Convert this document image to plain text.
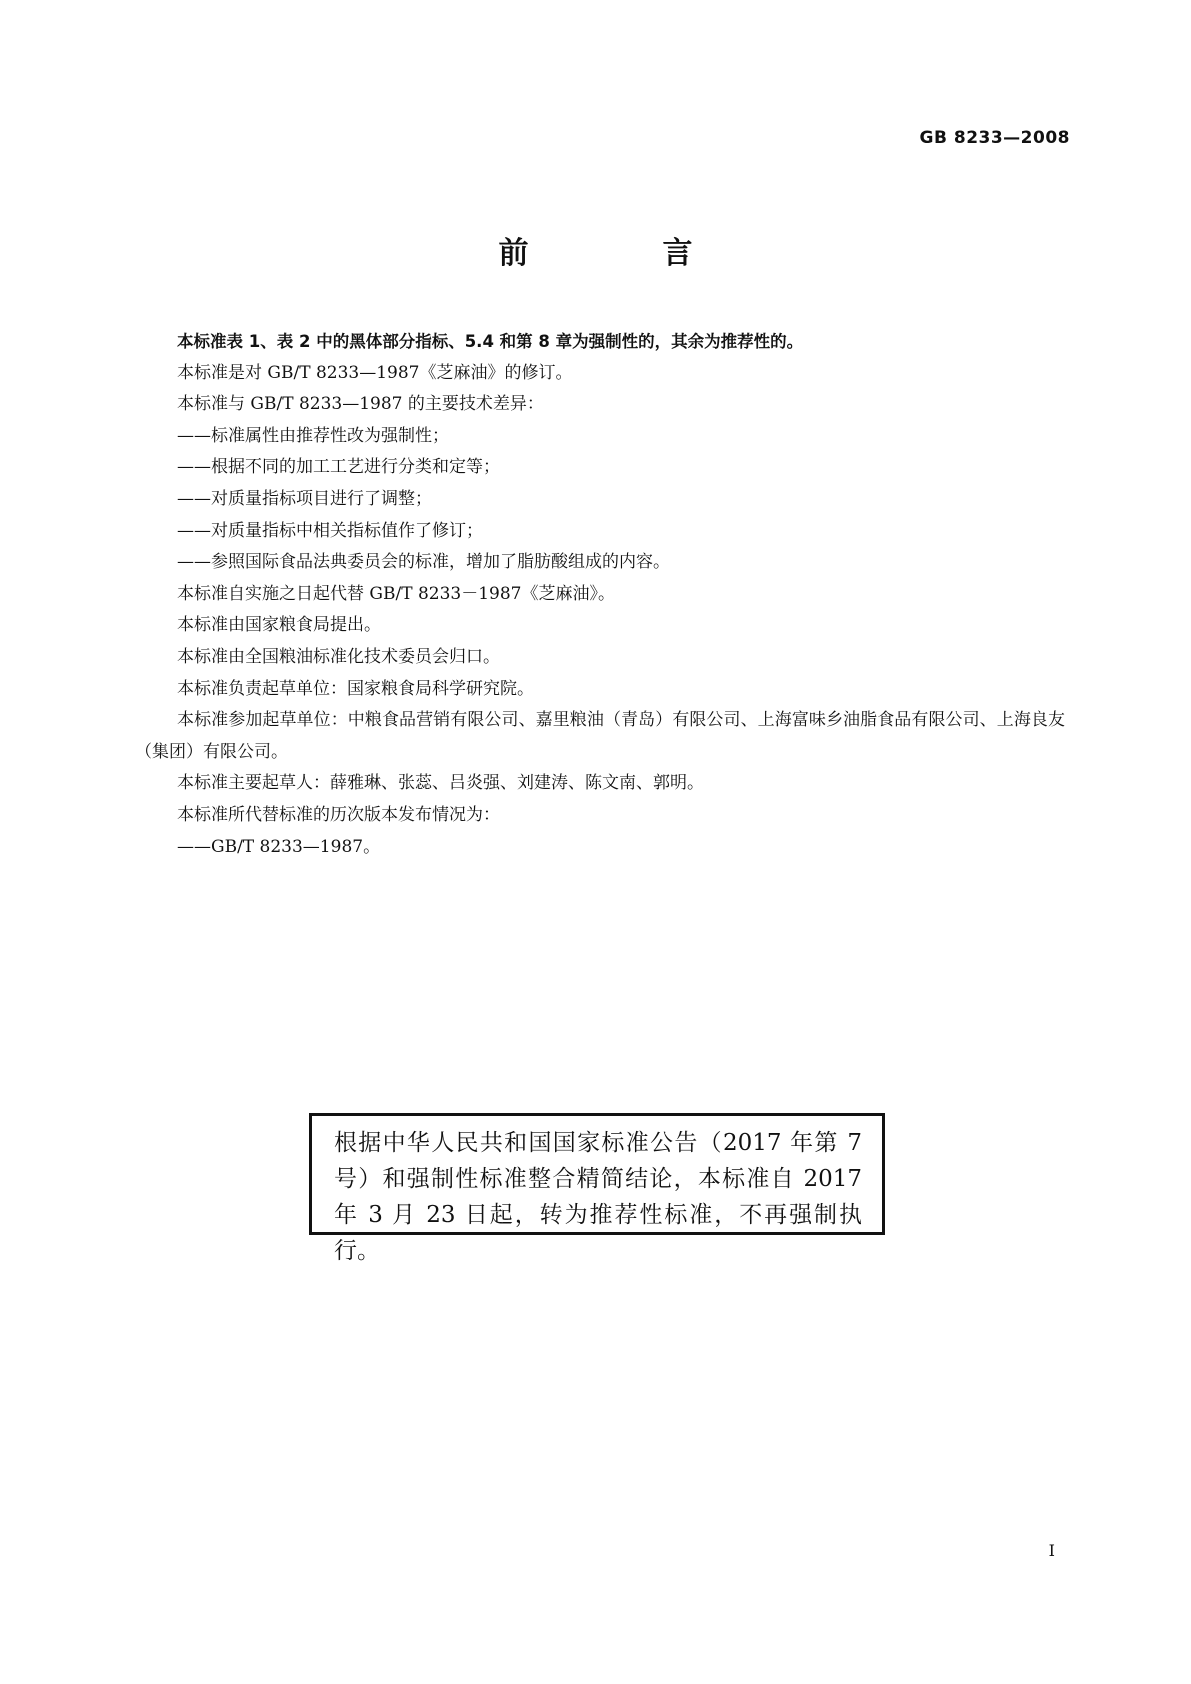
GB 8233—2008
前　言

本标准表 1、表 2 中的黑体部分指标、5.4 和第 8 章为强制性的，其余为推荐性的。

本标准是对 GB/T 8233—1987《芝麻油》的修订。

本标准与 GB/T 8233—1987 的主要技术差异：

——标准属性由推荐性改为强制性；

——根据不同的加工工艺进行分类和定等；

——对质量指标项目进行了调整；

——对质量指标中相关指标值作了修订；

——参照国际食品法典委员会的标准，增加了脂肪酸组成的内容。

本标准自实施之日起代替 GB/T 8233－1987《芝麻油》。

本标准由国家粮食局提出。

本标准由全国粮油标准化技术委员会归口。

本标准负责起草单位：国家粮食局科学研究院。

本标准参加起草单位：中粮食品营销有限公司、嘉里粮油（青岛）有限公司、上海富味乡油脂食品有限公司、上海良友（集团）有限公司。

本标准主要起草人：薛雅琳、张蕊、吕炎强、刘建涛、陈文南、郭明。

本标准所代替标准的历次版本发布情况为：

——GB/T 8233—1987。

根据中华人民共和国国家标准公告（2017 年第 7 号）和强制性标准整合精简结论，本标准自 2017 年 3 月 23 日起，转为推荐性标准，不再强制执行。
I
